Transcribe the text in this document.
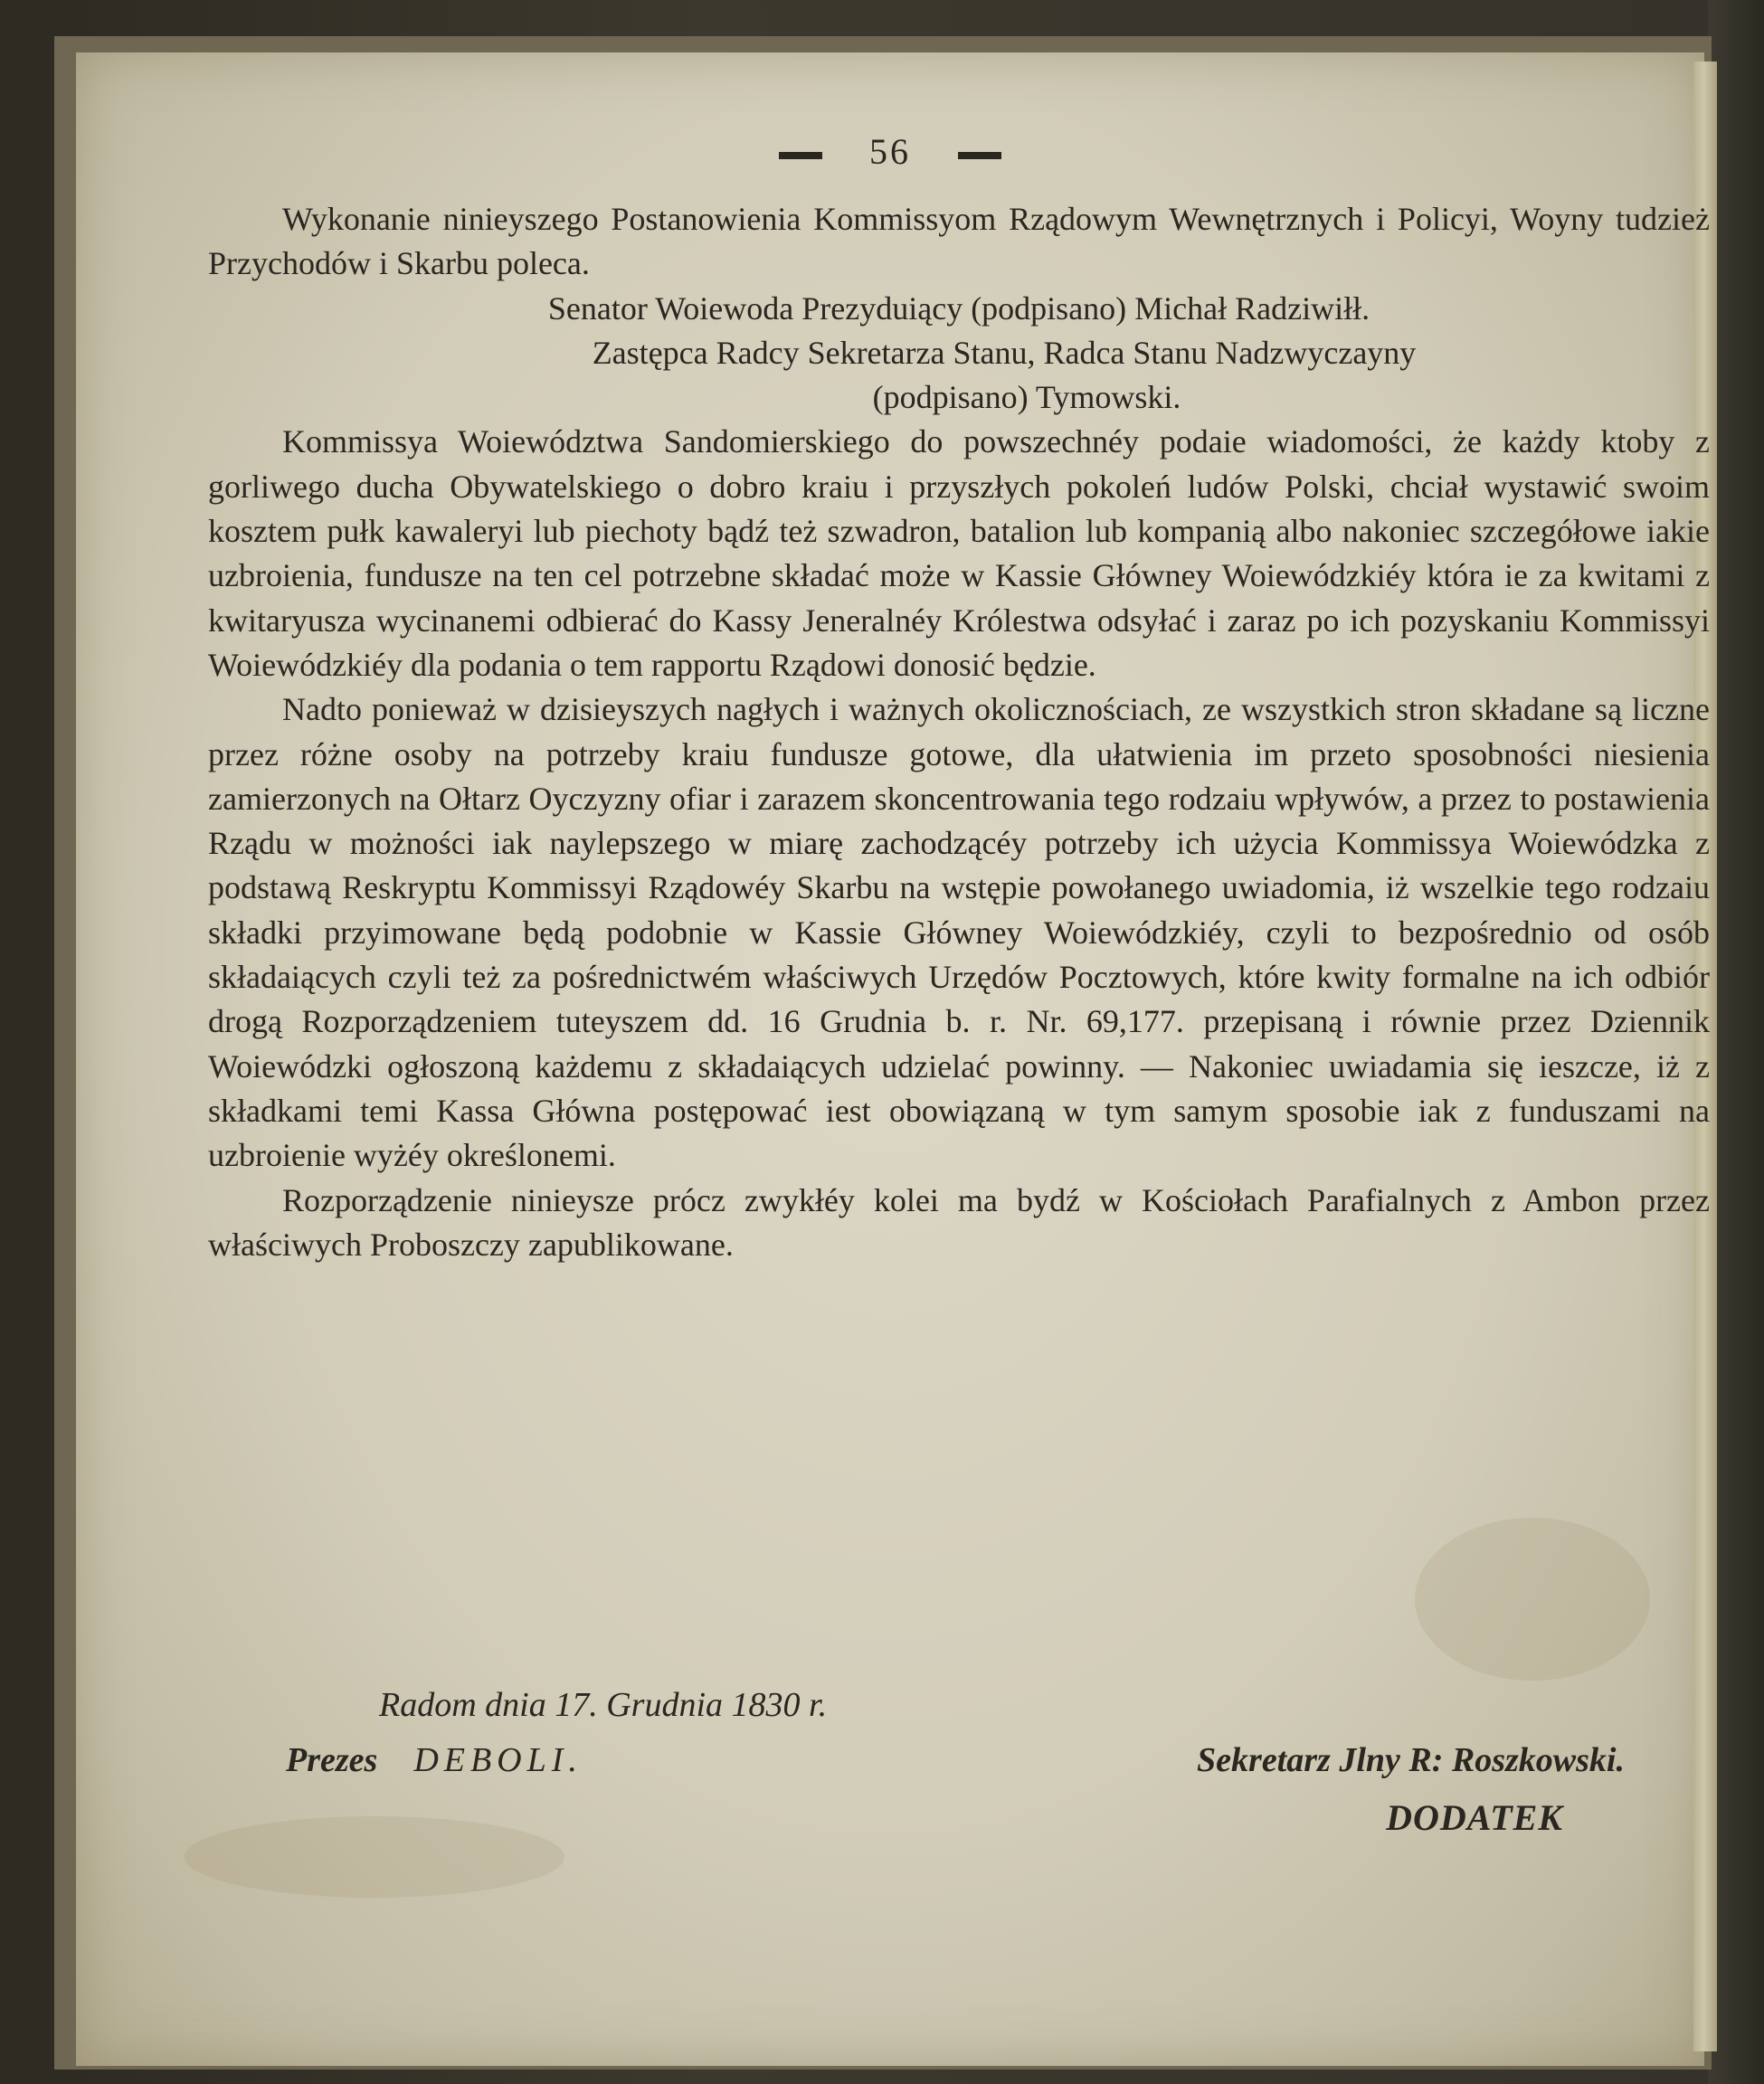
56

Wykonanie ninieyszego Postanowienia Kommissyom Rządowym Wewnętrznych i Policyi, Woyny tudzież Przychodów i Skarbu poleca.

Senator Woiewoda Prezyduiący (podpisano) Michał Radziwiłł.

Zastępca Radcy Sekretarza Stanu, Radca Stanu Nadzwyczayny

(podpisano) Tymowski.

Kommissya Woiewództwa Sandomierskiego do powszechnéy podaie wiadomości, że każdy ktoby z gorliwego ducha Obywatelskiego o dobro kraiu i przyszłych pokoleń ludów Polski, chciał wystawić swoim kosztem pułk kawaleryi lub piechoty bądź też szwadron, batalion lub kompanią albo nakoniec szczegółowe iakie uzbroienia, fundusze na ten cel potrzebne składać może w Kassie Główney Woiewódzkiéy która ie za kwitami z kwitaryusza wycinanemi odbierać do Kassy Jeneralnéy Królestwa odsyłać i zaraz po ich pozyskaniu Kommissyi Woiewódzkiéy dla podania o tem rapportu Rządowi donosić będzie.

Nadto ponieważ w dzisieyszych nagłych i ważnych okolicznościach, ze wszystkich stron składane są liczne przez różne osoby na potrzeby kraiu fundusze gotowe, dla ułatwienia im przeto sposobności niesienia zamierzonych na Ołtarz Oyczyzny ofiar i zarazem skoncentrowania tego rodzaiu wpływów, a przez to postawienia Rządu w możności iak naylepszego w miarę zachodzącéy potrzeby ich użycia Kommissya Woiewódzka z podstawą Reskryptu Kommissyi Rządowéy Skarbu na wstępie powołanego uwiadomia, iż wszelkie tego rodzaiu składki przyimowane będą podobnie w Kassie Główney Woiewódzkiéy, czyli to bezpośrednio od osób składaiących czyli też za pośrednictwém właściwych Urzędów Pocztowych, które kwity formalne na ich odbiór drogą Rozporządzeniem tuteyszem dd. 16 Grudnia b. r. Nr. 69,177. przepisaną i równie przez Dziennik Woiewódzki ogłoszoną każdemu z składaiących udzielać powinny. — Nakoniec uwiadamia się ieszcze, iż z składkami temi Kassa Główna postępować iest obowiązaną w tym samym sposobie iak z funduszami na uzbroienie wyżéy określonemi.

Rozporządzenie ninieysze prócz zwykłéy kolei ma bydź w Kościołach Parafialnych z Ambon przez właściwych Proboszczy zapublikowane.

Radom dnia 17. Grudnia 1830 r.
Prezes DEBOLI.	Sekretarz Jlny R: Roszkowski.
DODATEK
